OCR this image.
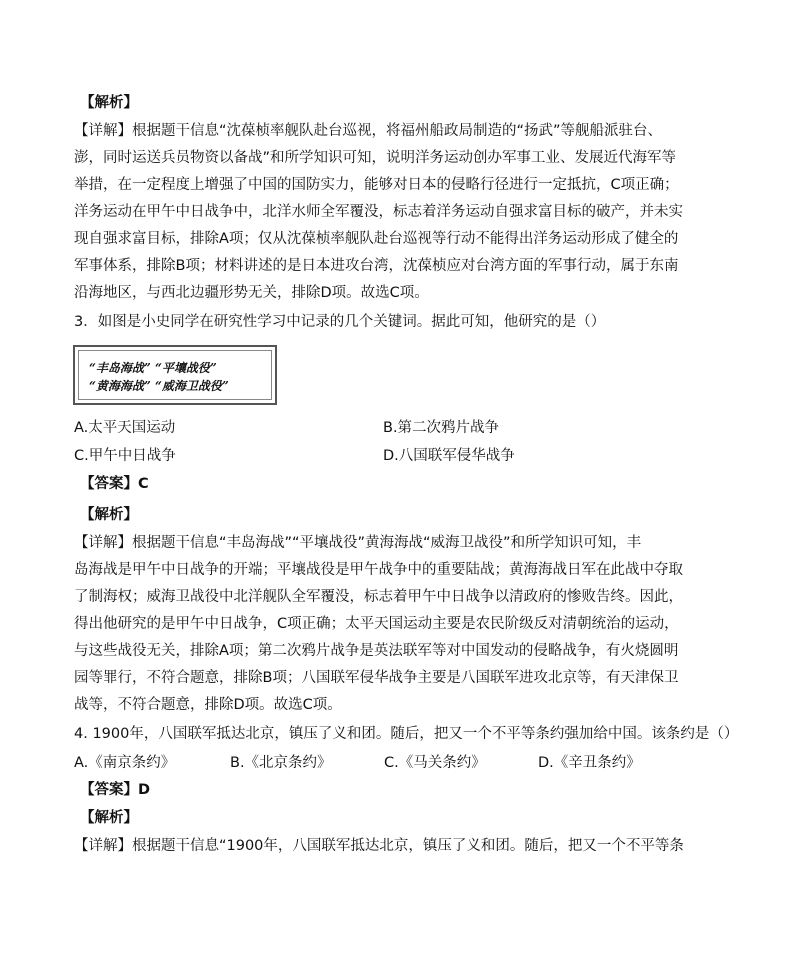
【解析】
【详解】根据题干信息“沈葆桢率舰队赴台巡视，将福州船政局制造的“扬武”等舰船派驻台、
澎，同时运送兵员物资以备战”和所学知识可知，说明洋务运动创办军事工业、发展近代海军等
举措，在一定程度上增强了中国的国防实力，能够对日本的侵略行径进行一定抵抗，C项正确；
洋务运动在甲午中日战争中，北洋水师全军覆没，标志着洋务运动自强求富目标的破产，并未实
现自强求富目标，排除A项；仅从沈葆桢率舰队赴台巡视等行动不能得出洋务运动形成了健全的
军事体系，排除B项；材料讲述的是日本进攻台湾，沈葆桢应对台湾方面的军事行动，属于东南
沿海地区，与西北边疆形势无关，排除D项。故选C项。
3．如图是小史同学在研究性学习中记录的几个关键词。据此可知，他研究的是（）
“丰岛海战” “平壤战役”
“黄海海战” “威海卫战役”
A.太平天国运动	B.第二次鸦片战争
C.甲午中日战争	D.八国联军侵华战争
【答案】C
【解析】
【详解】根据题干信息“丰岛海战”“平壤战役”黄海海战“威海卫战役”和所学知识可知，丰
岛海战是甲午中日战争的开端；平壤战役是甲午战争中的重要陆战；黄海海战日军在此战中夺取
了制海权；威海卫战役中北洋舰队全军覆没，标志着甲午中日战争以清政府的惨败告终。因此，
得出他研究的是甲午中日战争，C项正确；太平天国运动主要是农民阶级反对清朝统治的运动，
与这些战役无关，排除A项；第二次鸦片战争是英法联军等对中国发动的侵略战争，有火烧圆明
园等罪行，不符合题意，排除B项；八国联军侵华战争主要是八国联军进攻北京等，有天津保卫
战等，不符合题意，排除D项。故选C项。
4. 1900年，八国联军抵达北京，镇压了义和团。随后，把又一个不平等条约强加给中国。该条约是（）
A.《南京条约》	B.《北京条约》	C.《马关条约》	D.《辛丑条约》
【答案】D
【解析】
【详解】根据题干信息“1900年，八国联军抵达北京，镇压了义和团。随后，把又一个不平等条
